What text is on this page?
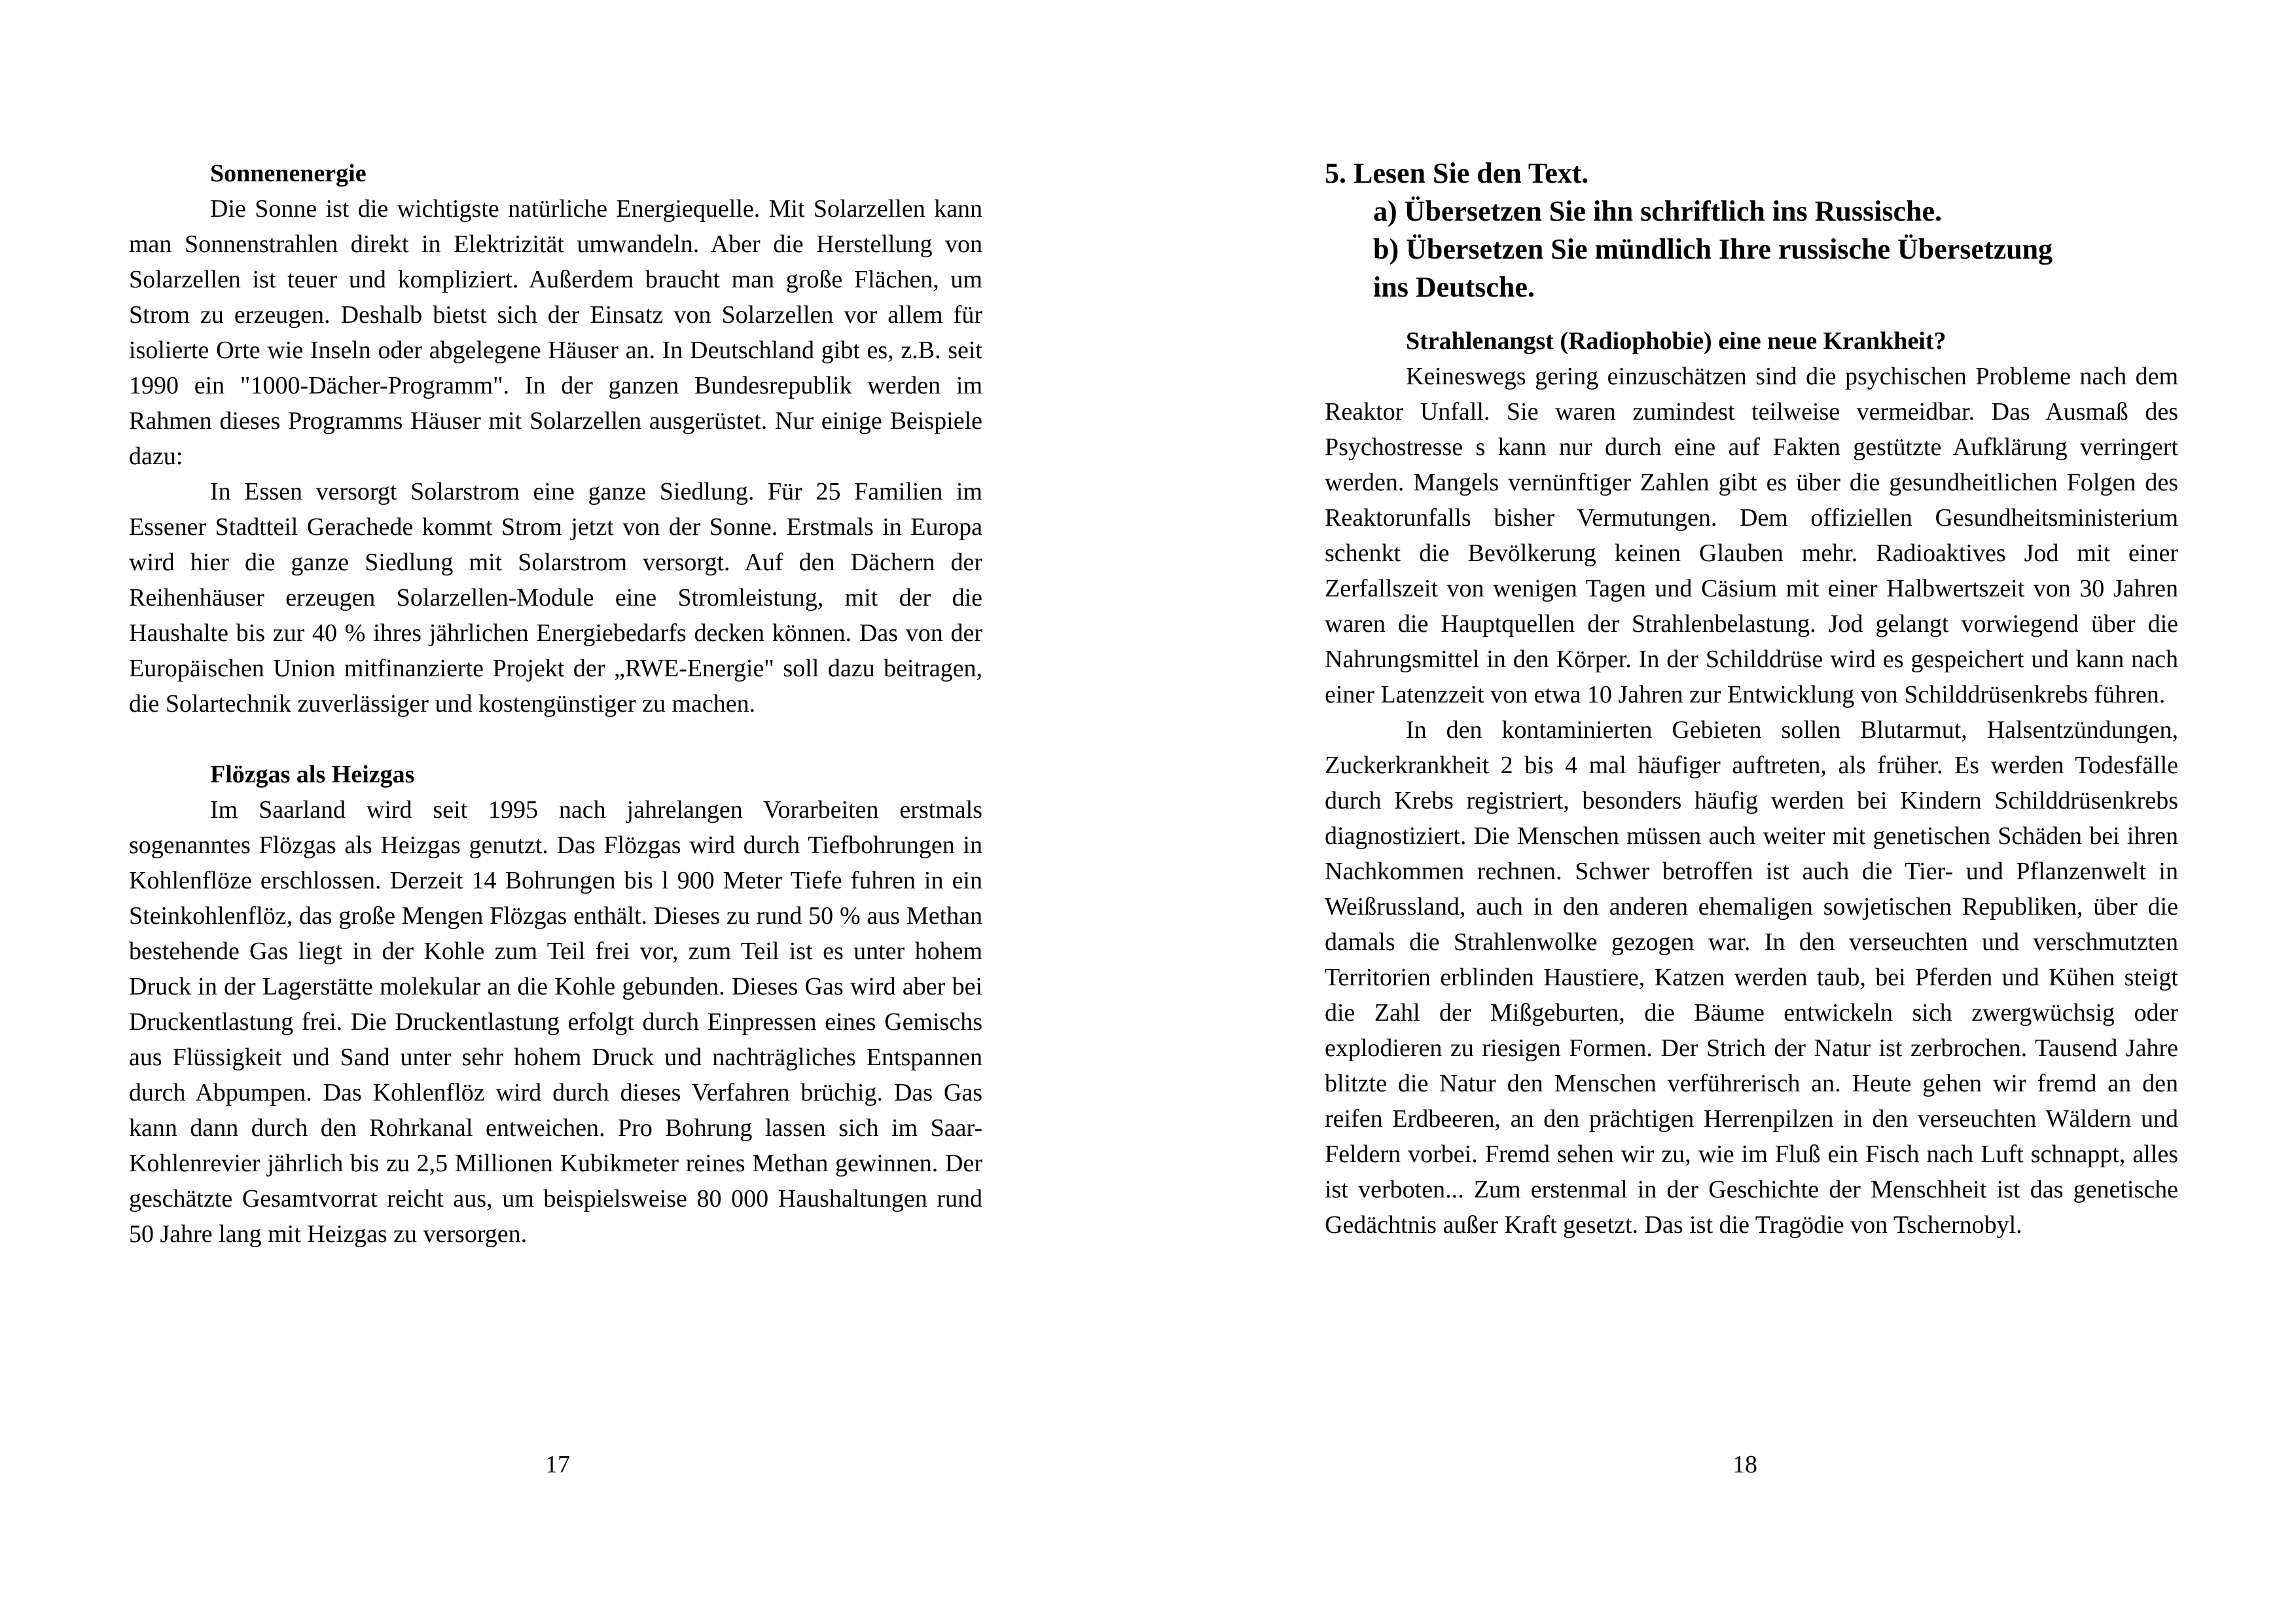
Sonnenenergie

Die Sonne ist die wichtigste natürliche Energiequelle. Mit Solarzellen kann man Sonnenstrahlen direkt in Elektrizität umwandeln. Aber die Herstellung von Solarzellen ist teuer und kompliziert. Außerdem braucht man große Flächen, um Strom zu erzeugen. Deshalb bietst sich der Einsatz von Solarzellen vor allem für isolierte Orte wie Inseln oder abgelegene Häuser an. In Deutschland gibt es, z.B. seit 1990 ein "1000-Dächer-Programm". In der ganzen Bundesrepublik werden im Rahmen dieses Programms Häuser mit Solarzellen ausgerüstet. Nur einige Beispiele dazu:

In Essen versorgt Solarstrom eine ganze Siedlung. Für 25 Familien im Essener Stadtteil Gerachede kommt Strom jetzt von der Sonne. Erstmals in Europa wird hier die ganze Siedlung mit Solarstrom versorgt. Auf den Dächern der Reihenhäuser erzeugen Solarzellen-Module eine Stromleistung, mit der die Haushalte bis zur 40 % ihres jährlichen Energiebedarfs decken können. Das von der Europäischen Union mitfinanzierte Projekt der „RWE-Energie" soll dazu beitragen, die Solartechnik zuverlässiger und kostengünstiger zu machen.

Flözgas als Heizgas

Im Saarland wird seit 1995 nach jahrelangen Vorarbeiten erstmals sogenanntes Flözgas als Heizgas genutzt. Das Flözgas wird durch Tiefbohrungen in Kohlenflöze erschlossen. Derzeit 14 Bohrungen bis l 900 Meter Tiefe fuhren in ein Steinkohlenflöz, das große Mengen Flözgas enthält. Dieses zu rund 50 % aus Methan bestehende Gas liegt in der Kohle zum Teil frei vor, zum Teil ist es unter hohem Druck in der Lagerstätte molekular an die Kohle gebunden. Dieses Gas wird aber bei Druckentlastung frei. Die Druckentlastung erfolgt durch Einpressen eines Gemischs aus Flüssigkeit und Sand unter sehr hohem Druck und nachträgliches Entspannen durch Abpumpen. Das Kohlenflöz wird durch dieses Verfahren brüchig. Das Gas kann dann durch den Rohrkanal entweichen. Pro Bohrung lassen sich im Saar-Kohlenrevier jährlich bis zu 2,5 Millionen Kubikmeter reines Methan gewinnen. Der geschätzte Gesamtvorrat reicht aus, um beispielsweise 80 000 Haushaltungen rund 50 Jahre lang mit Heizgas zu versorgen.

17

5. Lesen Sie den Text.

a) Übersetzen Sie ihn schriftlich ins Russische.

b) Übersetzen Sie mündlich Ihre russische Übersetzung

ins Deutsche.

Strahlenangst (Radiophobie) eine neue Krankheit?

Keineswegs gering einzuschätzen sind die psychischen Probleme nach dem Reaktor Unfall. Sie waren zumindest teilweise vermeidbar. Das Ausmaß des Psychostresse s kann nur durch eine auf Fakten gestützte Aufklärung verringert werden. Mangels vernünftiger Zahlen gibt es über die gesundheitlichen Folgen des Reaktorunfalls bisher Vermutungen. Dem offiziellen Gesundheitsministerium schenkt die Bevölkerung keinen Glauben mehr. Radioaktives Jod mit einer Zerfallszeit von wenigen Tagen und Cäsium mit einer Halbwertszeit von 30 Jahren waren die Hauptquellen der Strahlenbelastung. Jod gelangt vorwiegend über die Nahrungsmittel in den Körper. In der Schilddrüse wird es gespeichert und kann nach einer Latenzzeit von etwa 10 Jahren zur Entwicklung von Schilddrüsenkrebs führen.

In den kontaminierten Gebieten sollen Blutarmut, Halsentzündungen, Zuckerkrankheit 2 bis 4 mal häufiger auftreten, als früher. Es werden Todesfälle durch Krebs registriert, besonders häufig werden bei Kindern Schilddrüsenkrebs diagnostiziert. Die Menschen müssen auch weiter mit genetischen Schäden bei ihren Nachkommen rechnen. Schwer betroffen ist auch die Tier- und Pflanzenwelt in Weißrussland, auch in den anderen ehemaligen sowjetischen Republiken, über die damals die Strahlenwolke gezogen war. In den verseuchten und verschmutzten Territorien erblinden Haustiere, Katzen werden taub, bei Pferden und Kühen steigt die Zahl der Mißgeburten, die Bäume entwickeln sich zwergwüchsig oder explodieren zu riesigen Formen. Der Strich der Natur ist zerbrochen. Tausend Jahre blitzte die Natur den Menschen verführerisch an. Heute gehen wir fremd an den reifen Erdbeeren, an den prächtigen Herrenpilzen in den verseuchten Wäldern und Feldern vorbei. Fremd sehen wir zu, wie im Fluß ein Fisch nach Luft schnappt, alles ist verboten... Zum erstenmal in der Geschichte der Menschheit ist das genetische Gedächtnis außer Kraft gesetzt. Das ist die Tragödie von Tschernobyl.

18
